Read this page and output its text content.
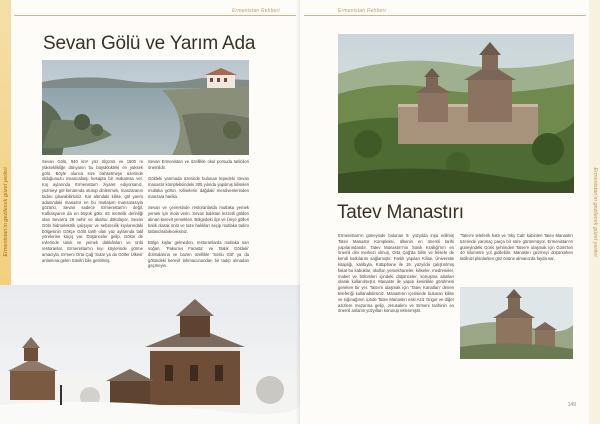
Ermenistan'ın gezilecek güzel yerleri
Ermenistan Rehberi
Sevan Gölü ve Yarım Ada

Sevan Gölü, 940 km² yüz ölçümü ve 1900 m yükseklikliğe dünyanın bu büyüklükteki en yüksek gölü. Böyle olunca size bahsetmeye üzerinde olduğunuzu insancabaşı hesapta bir makamsa ver. Kış aylarında Ermenistan'ı ziyaret ediyorsanız, yüzmeyi göl kenarında oturup dinlenmek, manzaranın tadını çıkarabilirsiniz. Kar altındaki kilise, göl yarım adasındaki manastır en bu mutlaşım manzarasıyla gözünü. Sevan sadece Ermenistan'ın değil, Kafkasyanın da en büyük gölü. 83 metrelik derinliği olan Sevan'a 28 nehir ve akarsu dökülüyor. Sevan Gölü hidroelektrik çalışıyor ve sebzecilik kıyılarındaki bölgesinin Gökçe Gölü tarih olan yaz aylarında tatil yörelerine kaçış var. Düşünceler gelip, Gölün de evlerinde tanık ve yemek dükkânları ve ünlü restoranlar, Ermenistan'ın kıyı köylerinde görme amacıyla, Ermeni Orta Çağ 'Sular ya da Göller Ülkesi' anlamına gelen Sünik'i bile getirilmiş.

Sevan Ermenistan ve özellikle okul porsuda tatilcileri önemlidir.

Göldeki yarımada üzerinde bulunan tepedeki Sevan manastır kompleksindeki 305 yılında yapılmış kiliseleri mutlaka görün. Kiliselerin dağdaki merdivenlerinden manzara harika.

Sevan ve çevresinde restoranlarda mutlaka yemek yemek için mola verin. Sevan balıktan lezzetli gölden alınan kerevit yemekleri. Bölgedeki ilçe ve Ünye gölleri balık olarak ünlü ve taze balıkları seçip mutlaka tadını tatlandırabileceksiniz.

Bölge kışlar gelmeden, restoranlarda mutlaka sarı soğan, 'Pakumvi Farasta' ve 'Balık Göldeki' dolmalarına ve bazen özellikle 'Soslu Göl' ya da gölündeki kerevit lahmacunundan bir tadıp olmadan geçmeyin.

Ermenistan'ın gezilecek güzel yerleri
Ermenistan Rehberi
Tatev Manastırı

Ermenistan'ın güneyinde bulunan 9. yüzyılda inşa edilmiş Tatev Manastır Kompleksi, ülkenin en önemli tarihi yapılarındandır. Tatev Manastırı'nın Sünik Krallığı'nın en önemli dini merkezi olmuş, Orta Çağ'da bilim ve felsefe de kendi katkılarını sağlamıştır. Farklı yapıları Kilise, Üniversite kitaplığı, kalıbıyla, Kütüphane ile 19. yüzyılda çalıştırılmış fakat bu kabuklar, okullar, yemekhaneler, kiliseler, medreseler, mabet ve bölümleri içindeki düşünceler, konuşma alanları olarak kullanılmıştır. Manastır ile yapısı kesinlikle görülmesi gereken bir yer. Tatev'e ulaşmak için 'Tatev Kanatları' denen teleferiği kullanabilirsiniz. Manastırın içerisinde bulunan kilise ve sığınağının içinde Tatev Manastırı eski Aziz Grigor ve diğer azizlere mezarına gelip, Jerusalem ve Ermeni tarihinin en önemli anlamlı yüzyılları korunup eklenmiştir.

'Tatev'e teleferik hattı ve 'Sky Cab' kabinleri Tatev Manastırı üzerinde yarımaç parça bir süre görünmüyor. Ermenistan'ın güneyindeki Goris şehrinden Tatev'e ulaşmak için Goris'ten 40 kilometre yol gidilebilir. Manastırı gezmeyi düşünürken tatilinizi planlarken göz önüne almanızda fayda var.

149
